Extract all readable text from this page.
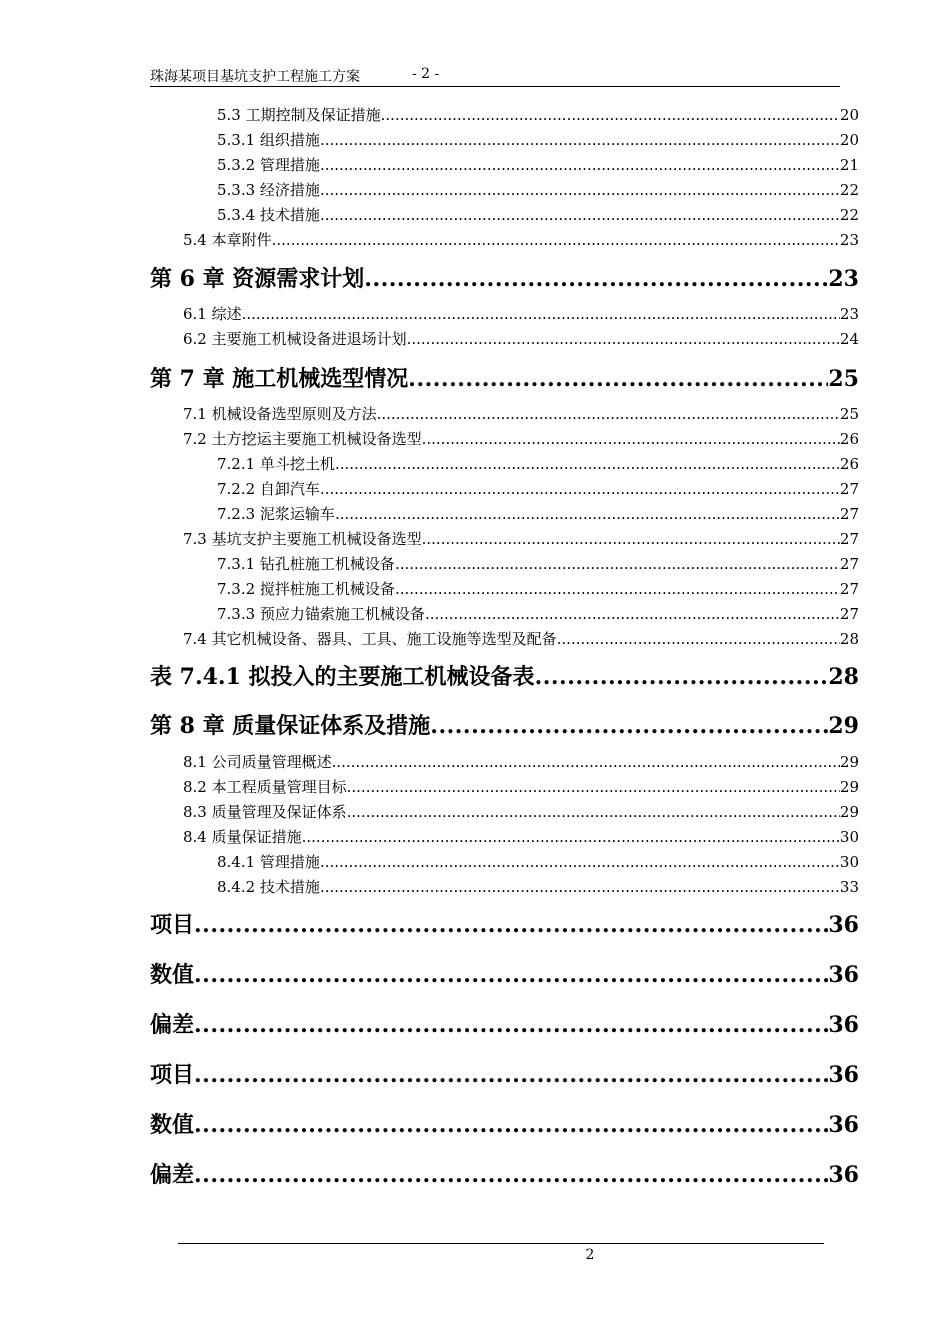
珠海某项目基坑支护工程施工方案	- 2 -
5.3 工期控制及保证措施 .....	20
5.3.1 组织措施 .....	20
5.3.2 管理措施 .....	21
5.3.3 经济措施 .....	22
5.3.4 技术措施 .....	22
5.4 本章附件 .....	23
第 6 章 资源需求计划 .....	23
6.1 综述 .....	23
6.2 主要施工机械设备进退场计划 .....	24
第 7 章 施工机械选型情况 .....	25
7.1 机械设备选型原则及方法 .....	25
7.2 土方挖运主要施工机械设备选型 .....	26
7.2.1 单斗挖土机 .....	26
7.2.2 自卸汽车 .....	27
7.2.3 泥浆运输车 .....	27
7.3 基坑支护主要施工机械设备选型 .....	27
7.3.1 钻孔桩施工机械设备 .....	27
7.3.2 搅拌桩施工机械设备 .....	27
7.3.3 预应力锚索施工机械设备 .....	27
7.4 其它机械设备、器具、工具、施工设施等选型及配备 .....	28
表 7.4.1 拟投入的主要施工机械设备表 .....	28
第 8 章 质量保证体系及措施 .....	29
8.1 公司质量管理概述 .....	29
8.2 本工程质量管理目标 .....	29
8.3 质量管理及保证体系 .....	29
8.4 质量保证措施 .....	30
8.4.1 管理措施 .....	30
8.4.2 技术措施 .....	33
项目 .....	36
数值 .....	36
偏差 .....	36
项目 .....	36
数值 .....	36
偏差 .....	36
2
